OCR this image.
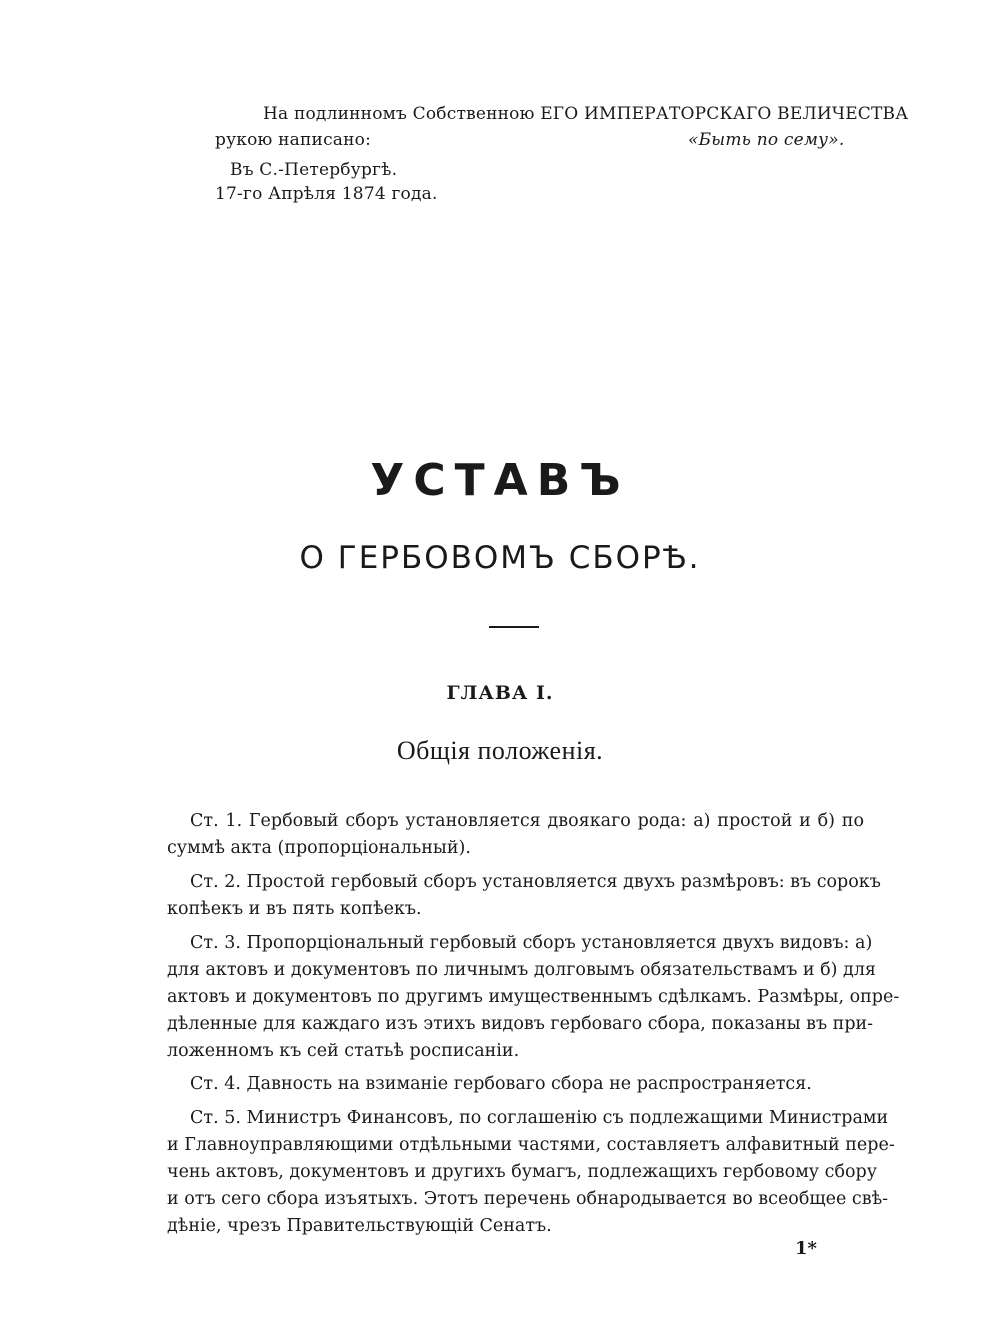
На подлинномъ Собственною ЕГО ИМПЕРАТОРСКАГО ВЕЛИЧЕСТВА
рукою написано:	«Быть по сему».
Въ С.-Петербургѣ.
17-го Апрѣля 1874 года.
УСТАВЪ
О ГЕРБОВОМЪ СБОРѢ.
ГЛАВА I.
Общія положенія.
Ст. 1. Гербовый сборъ установляется двоякаго рода: а) простой и б) по
суммѣ акта (пропорціональный).
Ст. 2. Простой гербовый сборъ установляется двухъ размѣровъ: въ сорокъ
копѣекъ и въ пять копѣекъ.
Ст. 3. Пропорціональный гербовый сборъ установляется двухъ видовъ: а)
для актовъ и документовъ по личнымъ долговымъ обязательствамъ и б) для
актовъ и документовъ по другимъ имущественнымъ сдѣлкамъ. Размѣры, опре-
дѣленные для каждаго изъ этихъ видовъ гербоваго сбора, показаны въ при-
ложенномъ къ сей статьѣ росписаніи.
Ст. 4. Давность на взиманіе гербоваго сбора не распространяется.
Ст. 5. Министръ Финансовъ, по соглашенію съ подлежащими Министрами
и Главноуправляющими отдѣльными частями, составляетъ алфавитный пере-
чень актовъ, документовъ и другихъ бумагъ, подлежащихъ гербовому сбору
и отъ сего сбора изъятыхъ. Этотъ перечень обнародывается во всеобщее свѣ-
дѣніе, чрезъ Правительствующій Сенатъ.
1*
